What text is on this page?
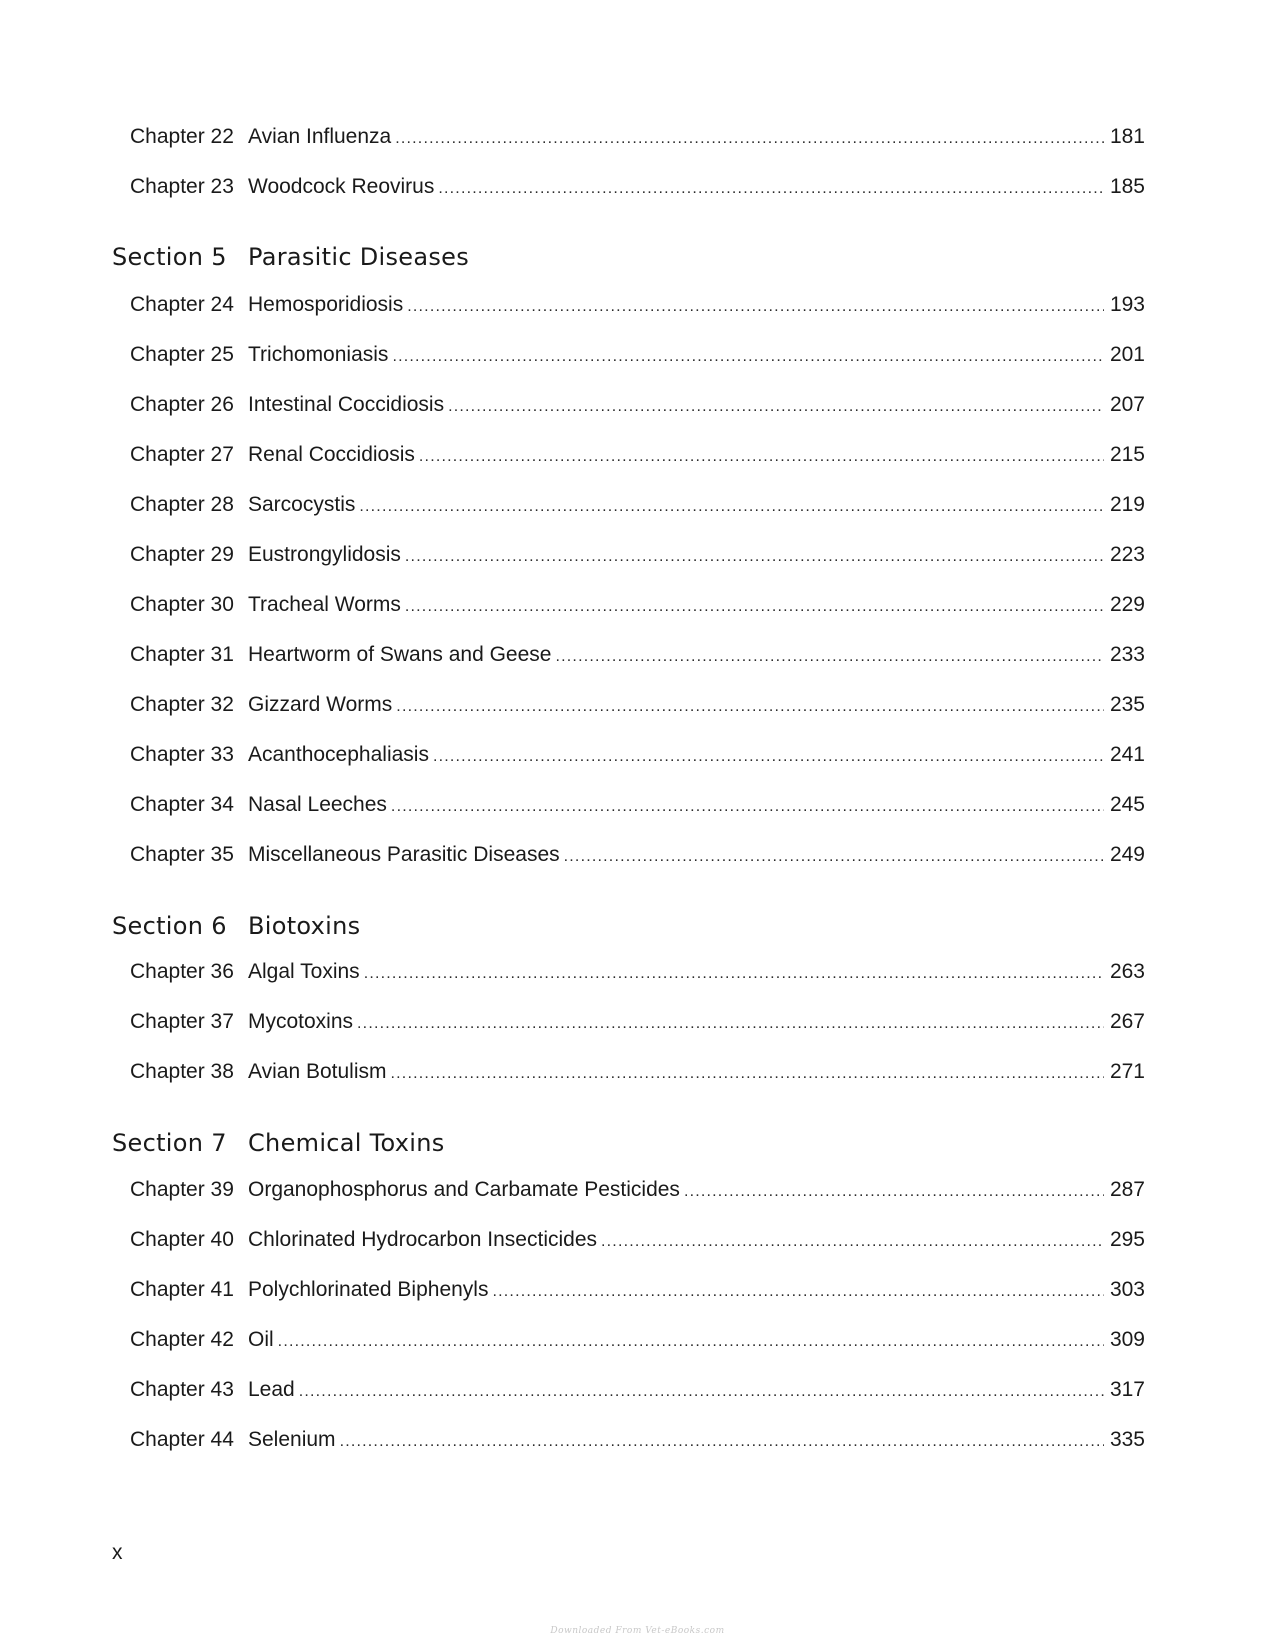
Chapter 22 Avian Influenza .....	181
Chapter 23 Woodcock Reovirus .....	185
Section 5 Parasitic Diseases
Chapter 24 Hemosporidiosis .....	193
Chapter 25 Trichomoniasis .....	201
Chapter 26 Intestinal Coccidiosis .....	207
Chapter 27 Renal Coccidiosis .....	215
Chapter 28 Sarcocystis .....	219
Chapter 29 Eustrongylidosis .....	223
Chapter 30 Tracheal Worms .....	229
Chapter 31 Heartworm of Swans and Geese .....	233
Chapter 32 Gizzard Worms .....	235
Chapter 33 Acanthocephaliasis .....	241
Chapter 34 Nasal Leeches .....	245
Chapter 35 Miscellaneous Parasitic Diseases .....	249
Section 6 Biotoxins
Chapter 36 Algal Toxins .....	263
Chapter 37 Mycotoxins .....	267
Chapter 38 Avian Botulism .....	271
Section 7 Chemical Toxins
Chapter 39 Organophosphorus and Carbamate Pesticides .....	287
Chapter 40 Chlorinated Hydrocarbon Insecticides .....	295
Chapter 41 Polychlorinated Biphenyls .....	303
Chapter 42 Oil .....	309
Chapter 43 Lead .....	317
Chapter 44 Selenium .....	335
x
Downloaded From Vet-eBooks.com
